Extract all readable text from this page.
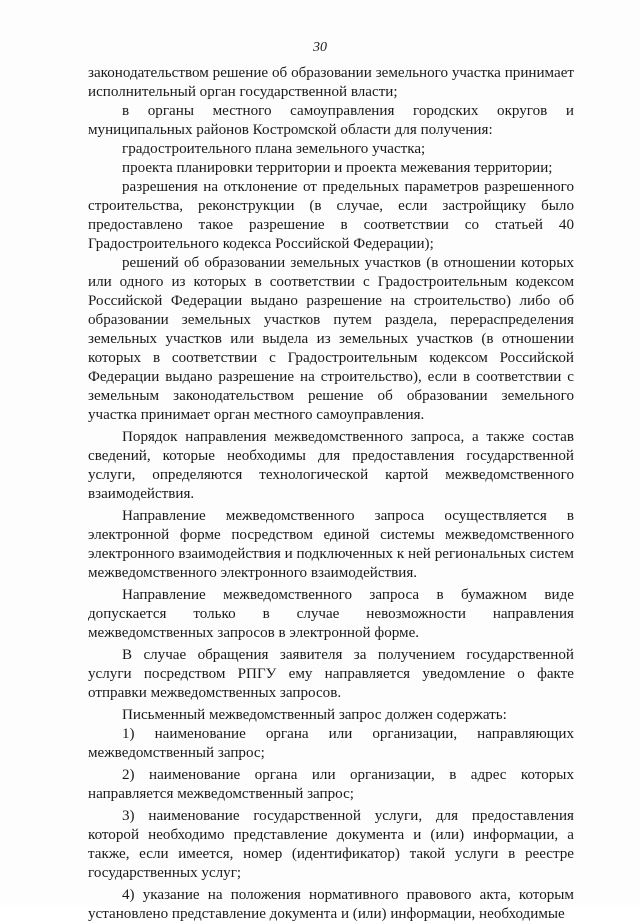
30

законодательством решение об образовании земельного участка принимает исполнительный орган государственной власти;

в органы местного самоуправления городских округов и муниципальных районов Костромской области для получения:

градостроительного плана земельного участка;

проекта планировки территории и проекта межевания территории;

разрешения на отклонение от предельных параметров разрешенного строительства, реконструкции (в случае, если застройщику было предоставлено такое разрешение в соответствии со статьей 40 Градостроительного кодекса Российской Федерации);

решений об образовании земельных участков (в отношении которых или одного из которых в соответствии с Градостроительным кодексом Российской Федерации выдано разрешение на строительство) либо об образовании земельных участков путем раздела, перераспределения земельных участков или выдела из земельных участков (в отношении которых в соответствии с Градостроительным кодексом Российской Федерации выдано разрешение на строительство), если в соответствии с земельным законодательством решение об образовании земельного участка принимает орган местного самоуправления.

Порядок направления межведомственного запроса, а также состав сведений, которые необходимы для предоставления государственной услуги, определяются технологической картой межведомственного взаимодействия.

Направление межведомственного запроса осуществляется в электронной форме посредством единой системы межведомственного электронного взаимодействия и подключенных к ней региональных систем межведомственного электронного взаимодействия.

Направление межведомственного запроса в бумажном виде допускается только в случае невозможности направления межведомственных запросов в электронной форме.

В случае обращения заявителя за получением государственной услуги посредством РПГУ ему направляется уведомление о факте отправки межведомственных запросов.

Письменный межведомственный запрос должен содержать:

1) наименование органа или организации, направляющих межведомственный запрос;

2) наименование органа или организации, в адрес которых направляется межведомственный запрос;

3) наименование государственной услуги, для предоставления которой необходимо представление документа и (или) информации, а также, если имеется, номер (идентификатор) такой услуги в реестре государственных услуг;

4) указание на положения нормативного правового акта, которым установлено представление документа и (или) информации, необходимые
